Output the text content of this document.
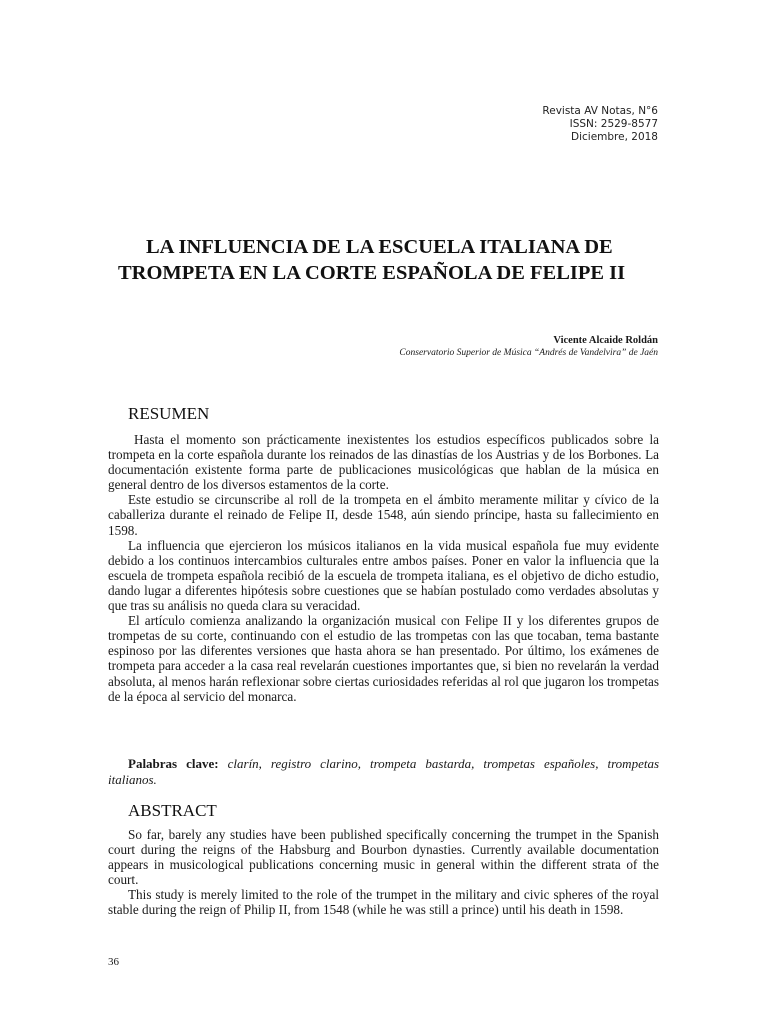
Revista AV Notas, N°6
ISSN: 2529-8577
Diciembre, 2018
LA INFLUENCIA DE LA ESCUELA ITALIANA DE
TROMPETA EN LA CORTE ESPAÑOLA DE FELIPE II
Vicente Alcaide Roldán
Conservatorio Superior de Música “Andrés de Vandelvira” de Jaén
RESUMEN

Hasta el momento son prácticamente inexistentes los estudios específicos publicados sobre la trompeta en la corte española durante los reinados de las dinastías de los Austrias y de los Borbones. La documentación existente forma parte de publicaciones musicológicas que hablan de la música en general dentro de los diversos estamentos de la corte.

Este estudio se circunscribe al roll de la trompeta en el ámbito meramente militar y cívico de la caballeriza durante el reinado de Felipe II, desde 1548, aún siendo príncipe, hasta su fallecimiento en 1598.

La influencia que ejercieron los músicos italianos en la vida musical española fue muy evidente debido a los continuos intercambios culturales entre ambos países. Poner en valor la influencia que la escuela de trompeta española recibió de la escuela de trompeta italiana, es el objetivo de dicho estudio, dando lugar a diferentes hipótesis sobre cuestiones que se habían postulado como verdades absolutas y que tras su análisis no queda clara su veracidad.

El artículo comienza analizando la organización musical con Felipe II y los diferentes grupos de trompetas de su corte, continuando con el estudio de las trompetas con las que tocaban, tema bastante espinoso por las diferentes versiones que hasta ahora se han presentado. Por último, los exámenes de trompeta para acceder a la casa real revelarán cuestiones importantes que, si bien no revelarán la verdad absoluta, al menos harán reflexionar sobre ciertas curiosidades referidas al rol que jugaron los trompetas de la época al servicio del monarca.

Palabras clave: clarín, registro clarino, trompeta bastarda, trompetas españoles, trompetas italianos.
ABSTRACT

So far, barely any studies have been published specifically concerning the trumpet in the Spanish court during the reigns of the Habsburg and Bourbon dynasties. Currently available documentation appears in musicological publications concerning music in general within the different strata of the court.

This study is merely limited to the role of the trumpet in the military and civic spheres of the royal stable during the reign of Philip II, from 1548 (while he was still a prince) until his death in 1598.

36
